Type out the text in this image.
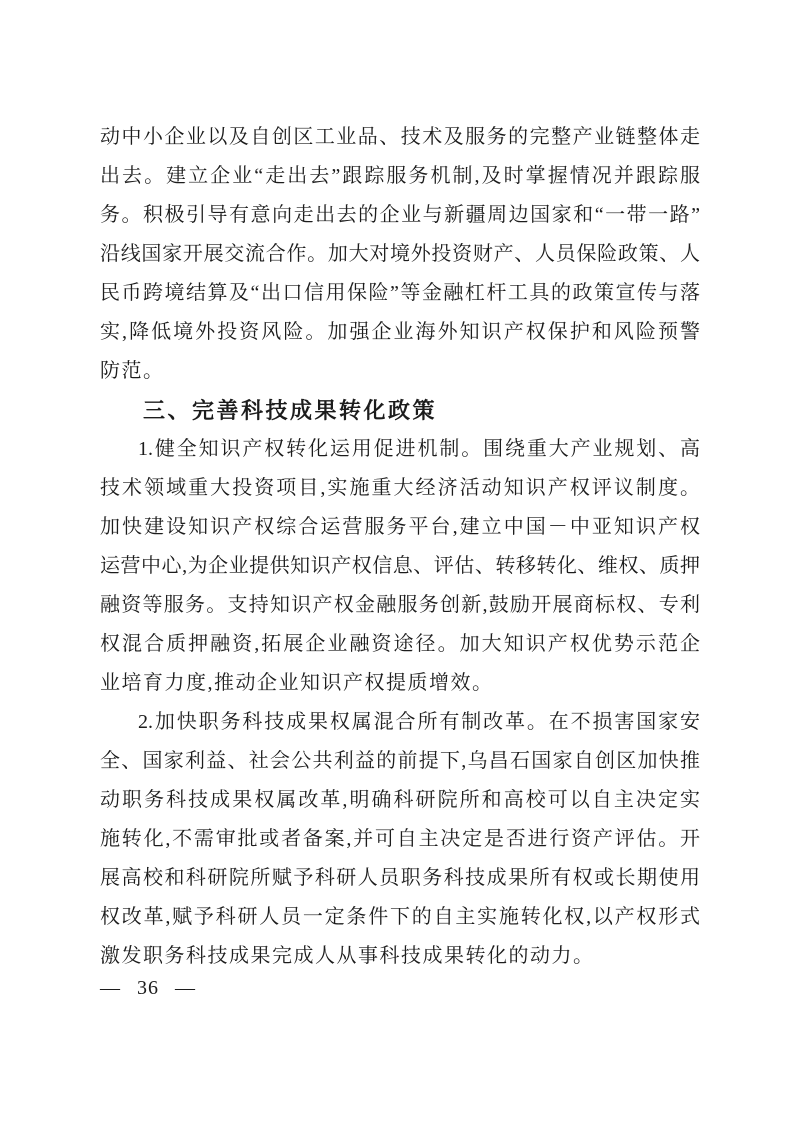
动中小企业以及自创区工业品、技术及服务的完整产业链整体走
出去。建立企业“走出去”跟踪服务机制,及时掌握情况并跟踪服
务。积极引导有意向走出去的企业与新疆周边国家和“一带一路”
沿线国家开展交流合作。加大对境外投资财产、人员保险政策、人
民币跨境结算及“出口信用保险”等金融杠杆工具的政策宣传与落
实,降低境外投资风险。加强企业海外知识产权保护和风险预警
防范。
三、完善科技成果转化政策
1.健全知识产权转化运用促进机制。围绕重大产业规划、高
技术领域重大投资项目,实施重大经济活动知识产权评议制度。
加快建设知识产权综合运营服务平台,建立中国－中亚知识产权
运营中心,为企业提供知识产权信息、评估、转移转化、维权、质押
融资等服务。支持知识产权金融服务创新,鼓励开展商标权、专利
权混合质押融资,拓展企业融资途径。加大知识产权优势示范企
业培育力度,推动企业知识产权提质增效。
2.加快职务科技成果权属混合所有制改革。在不损害国家安
全、国家利益、社会公共利益的前提下,乌昌石国家自创区加快推
动职务科技成果权属改革,明确科研院所和高校可以自主决定实
施转化,不需审批或者备案,并可自主决定是否进行资产评估。开
展高校和科研院所赋予科研人员职务科技成果所有权或长期使用
权改革,赋予科研人员一定条件下的自主实施转化权,以产权形式
激发职务科技成果完成人从事科技成果转化的动力。
— 36 —
